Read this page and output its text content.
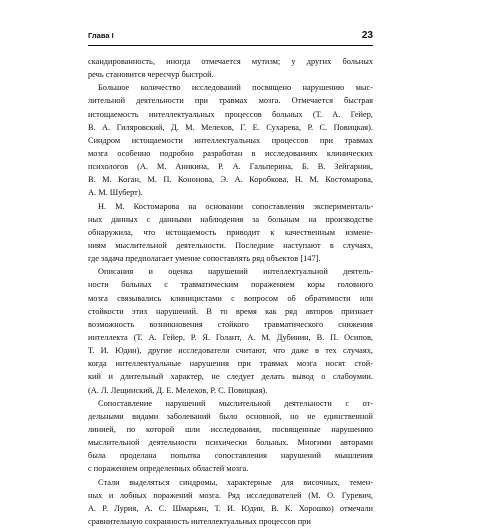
Глава I	23
скандированность, иногда отмечается мутизм; у других больных
речь становится чересчур быстрой.
Большое количество исследований посвящено нарушению мыс-
лительной деятельности при травмах мозга. Отмечается быстрая
истощаемость интеллектуальных процессов больных (Т. А. Гейер,
В. А. Гиляровский, Д. М. Мелехов, Г. Е. Сухарева, Р. С. Повицкая).
Синдром истощаемости интеллектуальных процессов при травмах
мозга особенно подробно разработан в исследованиях клинических
психологов (А. М. Аникина, Р. А. Гальперина, Б. В. Зейгарник,
В. М. Коган, М. П. Кононова, Э. А. Коробкова, Н. М. Костомарова,
А. М. Шуберт).
Н. М. Костомарова на основании сопоставления эксперименталь-
ных данных с данными наблюдения за больным на производстве
обнаружила, что истощаемость приводит к качественным измене-
ниям мыслительной деятельности. Последние наступают в случаях,
где задача предполагает умение сопоставлять ряд объектов [147].
Описания и оценка нарушений интеллектуальной деятель-
ности больных с травматическим поражением коры головного
мозга связывались клиницистами с вопросом об обратимости или
стойкости этих нарушений. В то время как ряд авторов признает
возможность возникновения стойкого травматического снижения
интеллекта (Т. А. Гейер, Р. Я. Голант, А. М. Дубинин, В. П. Осипов,
Т. И. Юдин), другие исследователи считают, что даже в тех случаях,
когда интеллектуальные нарушения при травмах мозга носят стой-
кий и длительный характер, не следует делать вывод о слабоумии.
(А. Л. Лещинский, Д. Е. Мелехов, Р. С. Повицкая).
Сопоставление нарушений мыслительной деятельности с от-
дельными видами заболеваний было основной, но не единственной
линией, по которой шли исследования, посвященные нарушению
мыслительной деятельности психически больных. Многими авторами
была проделана попытка сопоставления нарушений мышления
с поражением определенных областей мозга.
Стали выделяться синдромы, характерные для височных, темен-
ных и лобных поражений мозга. Ряд исследователей (М. О. Гуревич,
А. Р. Лурия, А. С. Шмарьян, Т. И. Юдин, В. К. Хорошко) отмечали
сравнительную сохранность интеллектуальных процессов при
